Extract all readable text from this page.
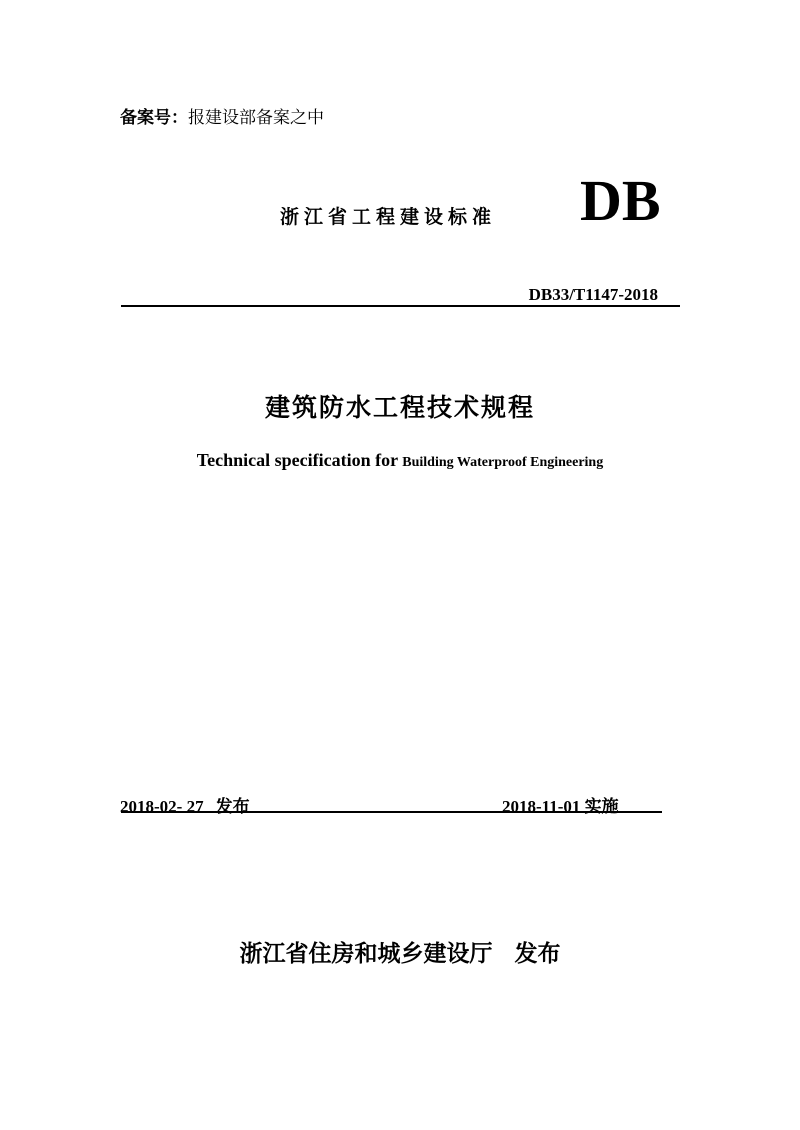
备案号：报建设部备案之中
浙江省工程建设标准 DB
DB33/T1147-2018
建筑防水工程技术规程
Technical specification for Building Waterproof Engineering
2018-02- 27 发布	2018-11-01 实施
浙江省住房和城乡建设厅 发布
